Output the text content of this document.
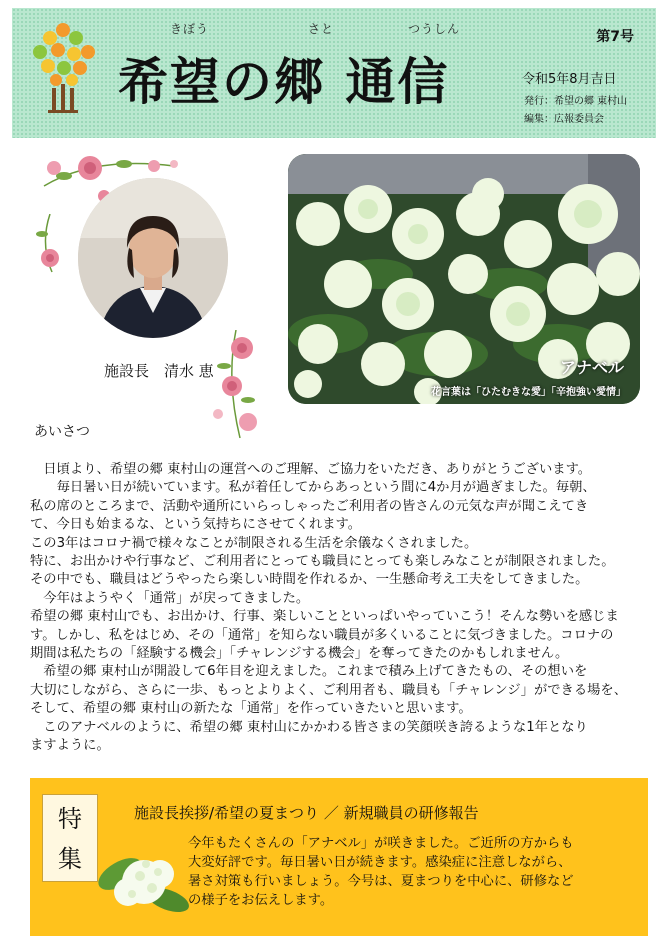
きぼう	さと	つうしん
希望の郷 通信
第7号
令和5年8月吉日
発行：希望の郷 東村山
編集：広報委員会
施設長　清水 恵	アナベル
花言葉は「ひたむきな愛」「辛抱強い愛情」
あいさつ

　日頃より、希望の郷 東村山の運営へのご理解、ご協力をいただき、ありがとうございます。

　　毎日暑い日が続いています。私が着任してからあっという間に4か月が過ぎました。毎朝、

私の席のところまで、活動や通所にいらっしゃったご利用者の皆さんの元気な声が聞こえてき

て、今日も始まるな、という気持ちにさせてくれます。

この3年はコロナ禍で様々なことが制限される生活を余儀なくされました。

特に、お出かけや行事など、ご利用者にとっても職員にとっても楽しみなことが制限されました。

その中でも、職員はどうやったら楽しい時間を作れるか、一生懸命考え工夫をしてきました。

　今年はようやく「通常」が戻ってきました。

希望の郷 東村山でも、お出かけ、行事、楽しいことといっぱいやっていこう！そんな勢いを感じま

す。しかし、私をはじめ、その「通常」を知らない職員が多くいることに気づきました。コロナの

期間は私たちの「経験する機会」「チャレンジする機会」を奪ってきたのかもしれません。

　希望の郷 東村山が開設して6年目を迎えました。これまで積み上げてきたもの、その想いを

大切にしながら、さらに一歩、もっとよりよく、ご利用者も、職員も「チャレンジ」ができる場を、

そして、希望の郷 東村山の新たな「通常」を作っていきたいと思います。

　このアナベルのように、希望の郷 東村山にかかわる皆さまの笑顔咲き誇るような1年となり

ますように。

特
集
施設長挨拶/希望の夏まつり ／ 新規職員の研修報告

今年もたくさんの「アナベル」が咲きました。ご近所の方からも

大変好評です。毎日暑い日が続きます。感染症に注意しながら、

暑さ対策も行いましょう。今号は、夏まつりを中心に、研修など

の様子をお伝えします。
